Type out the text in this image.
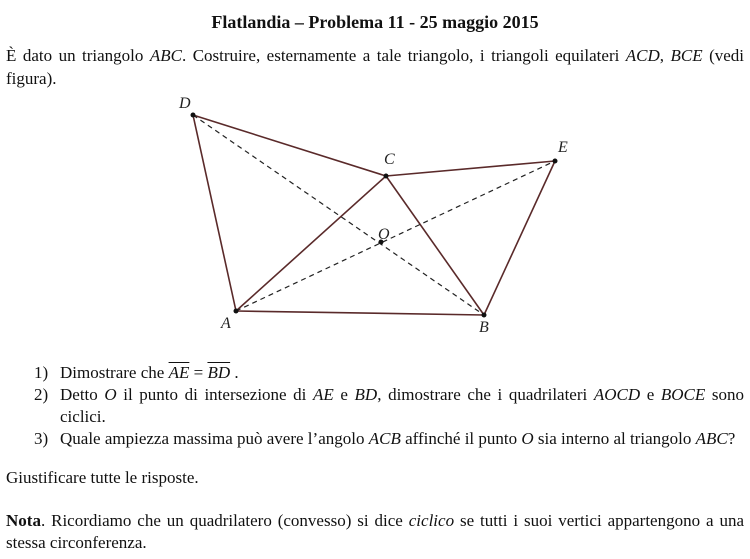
Flatlandia – Problema 11 - 25 maggio 2015
È dato un triangolo ABC. Costruire, esternamente a tale triangolo, i triangoli equilateri ACD, BCE (vedi figura).
D
C
E
O
A	B
1) Dimostrare che $\overline{AE} = \overline{BD}$ .
2) Detto O il punto di intersezione di AE e BD, dimostrare che i quadrilateri AOCD e BOCE sono ciclici.
3) Quale ampiezza massima può avere l’angolo ACB affinché il punto O sia interno al triangolo ABC?
Giustificare tutte le risposte.
Nota. Ricordiamo che un quadrilatero (convesso) si dice ciclico se tutti i suoi vertici appartengono a una stessa circonferenza.
